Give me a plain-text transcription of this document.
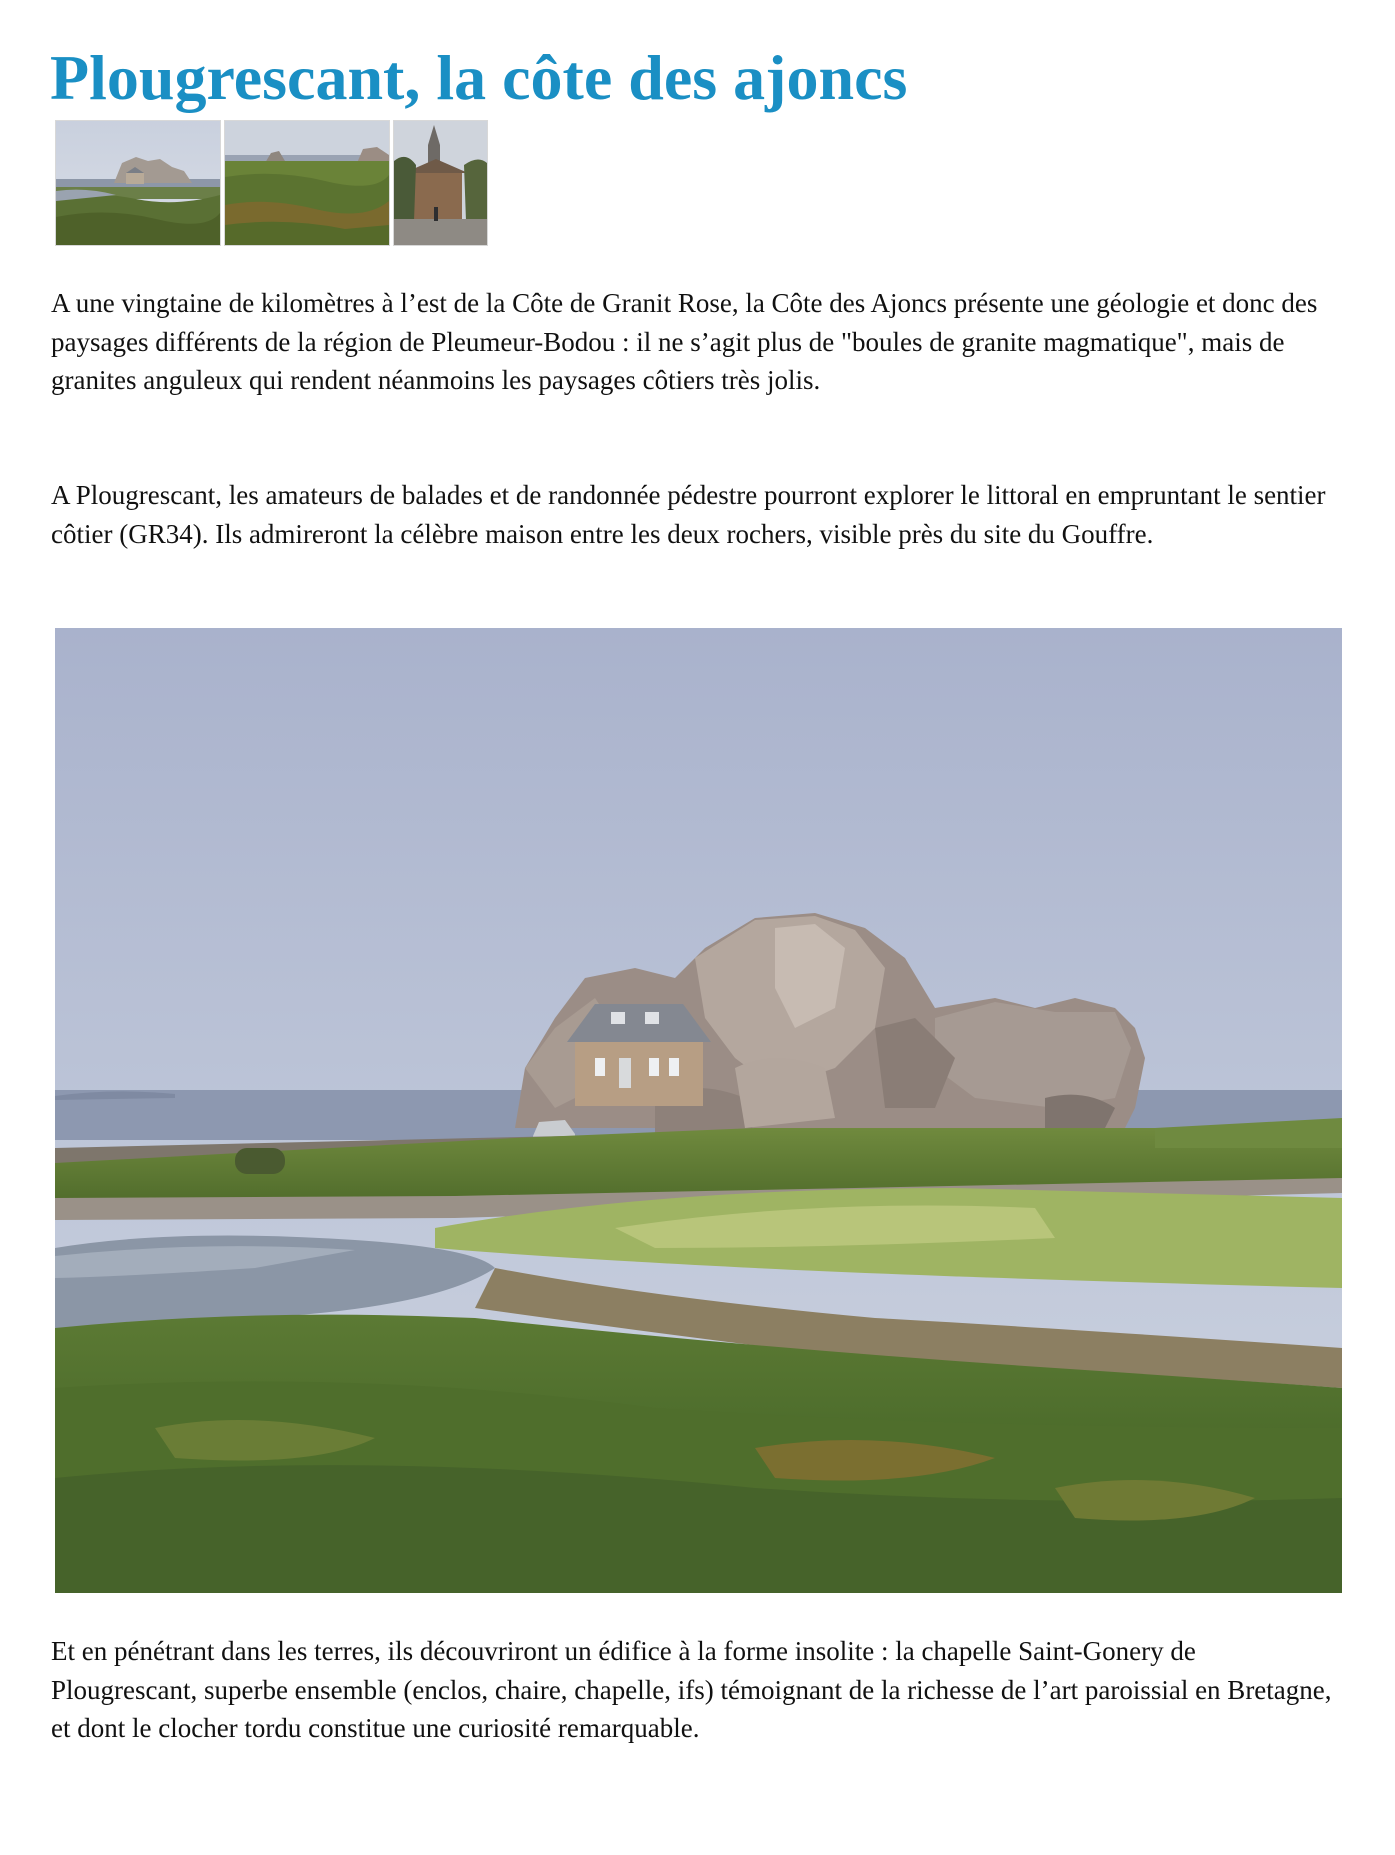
Plougrescant, la côte des ajoncs

A une vingtaine de kilomètres à l’est de la Côte de Granit Rose, la Côte des Ajoncs présente une géologie et donc des paysages différents de la région de Pleumeur-Bodou : il ne s’agit plus de "boules de granite magmatique", mais de granites anguleux qui rendent néanmoins les paysages côtiers très jolis.

A Plougrescant, les amateurs de balades et de randonnée pédestre pourront explorer le littoral en empruntant le sentier côtier (GR34). Ils admireront la célèbre maison entre les deux rochers, visible près du site du Gouffre.

Et en pénétrant dans les terres, ils découvriront un édifice à la forme insolite : la chapelle Saint-Gonery de Plougrescant, superbe ensemble (enclos, chaire, chapelle, ifs) témoignant de la richesse de l’art paroissial en Bretagne, et dont le clocher tordu constitue une curiosité remarquable.
